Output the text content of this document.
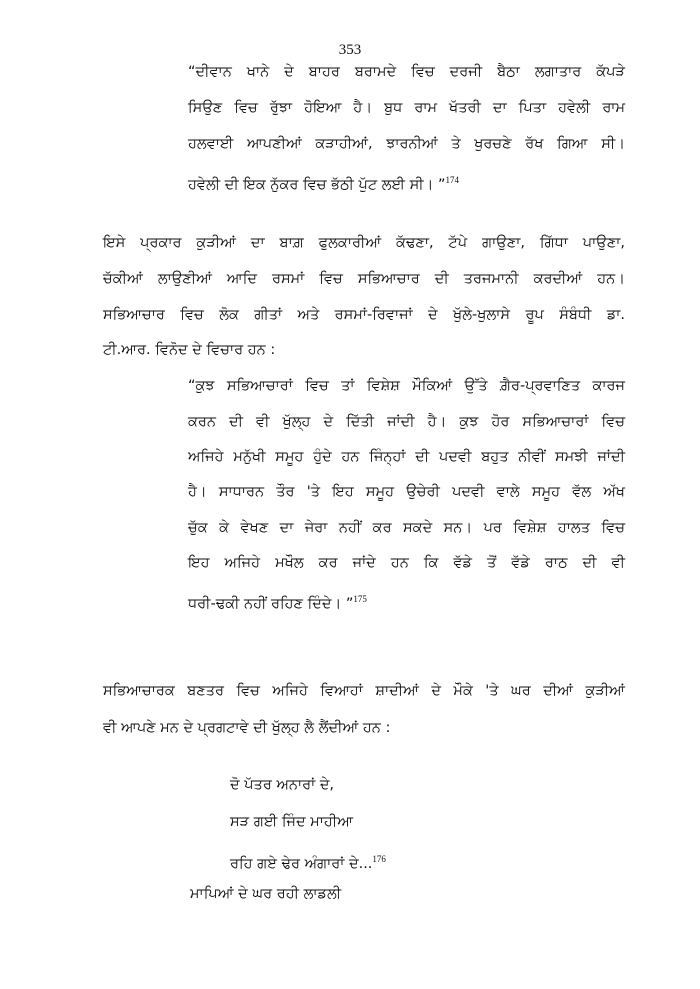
353
“ਦੀਵਾਨ ਖਾਨੇ ਦੇ ਬਾਹਰ ਬਰਾਮਦੇ ਵਿਚ ਦਰਜੀ ਬੈਠਾ ਲਗਾਤਾਰ ਕੱਪੜੇ
ਸਿਉਣ ਵਿਚ ਰੁੱਝਾ ਹੋਇਆ ਹੈ। ਬੁਧ ਰਾਮ ਖੱਤਰੀ ਦਾ ਪਿਤਾ ਹਵੇਲੀ ਰਾਮ
ਹਲਵਾਈ ਆਪਣੀਆਂ ਕੜਾਹੀਆਂ, ਝਾਰਨੀਆਂ ਤੇ ਖੁਰਚਣੇ ਰੱਖ ਗਿਆ ਸੀ।
ਹਵੇਲੀ ਦੀ ਇਕ ਨੁੱਕਰ ਵਿਚ ਭੱਠੀ ਪੁੱਟ ਲਈ ਸੀ। ”$^{174}$
ਇਸੇ ਪ੍ਰਕਾਰ ਕੁੜੀਆਂ ਦਾ ਬਾਗ਼ ਫੁਲਕਾਰੀਆਂ ਕੱਢਣਾ, ਟੱਪੇ ਗਾਉਣਾ, ਗਿੱਧਾ ਪਾਉਣਾ,
ਚੱਕੀਆਂ ਲਾਉਣੀਆਂ ਆਦਿ ਰਸਮਾਂ ਵਿਚ ਸਭਿਆਚਾਰ ਦੀ ਤਰਜਮਾਨੀ ਕਰਦੀਆਂ ਹਨ।
ਸਭਿਆਚਾਰ ਵਿਚ ਲੋਕ ਗੀਤਾਂ ਅਤੇ ਰਸਮਾਂ-ਰਿਵਾਜਾਂ ਦੇ ਖੁੱਲੇ-ਖੁਲਾਸੇ ਰੂਪ ਸੰਬੰਧੀ ਡਾ.
ਟੀ.ਆਰ. ਵਿਨੋਦ ਦੇ ਵਿਚਾਰ ਹਨ :
“ਕੁਝ ਸਭਿਆਚਾਰਾਂ ਵਿਚ ਤਾਂ ਵਿਸ਼ੇਸ਼ ਮੌਕਿਆਂ ਉੱਤੇ ਗ਼ੈਰ-ਪ੍ਰਵਾਣਿਤ ਕਾਰਜ
ਕਰਨ ਦੀ ਵੀ ਖੁੱਲ੍ਹ ਦੇ ਦਿੱਤੀ ਜਾਂਦੀ ਹੈ। ਕੁਝ ਹੋਰ ਸਭਿਆਚਾਰਾਂ ਵਿਚ
ਅਜਿਹੇ ਮਨੁੱਖੀ ਸਮੂਹ ਹੁੰਦੇ ਹਨ ਜਿੰਨ੍ਹਾਂ ਦੀ ਪਦਵੀ ਬਹੁਤ ਨੀਵੀਂ ਸਮਝੀ ਜਾਂਦੀ
ਹੈ। ਸਾਧਾਰਨ ਤੌਰ 'ਤੇ ਇਹ ਸਮੂਹ ਉਚੇਰੀ ਪਦਵੀ ਵਾਲੇ ਸਮੂਹ ਵੱਲ ਅੱਖ
ਚੁੱਕ ਕੇ ਵੇਖਣ ਦਾ ਜੇਰਾ ਨਹੀਂ ਕਰ ਸਕਦੇ ਸਨ। ਪਰ ਵਿਸ਼ੇਸ਼ ਹਾਲਤ ਵਿਚ
ਇਹ ਅਜਿਹੇ ਮਖੌਲ ਕਰ ਜਾਂਦੇ ਹਨ ਕਿ ਵੱਡੇ ਤੋਂ ਵੱਡੇ ਰਾਠ ਦੀ ਵੀ
ਧਰੀ-ਢਕੀ ਨਹੀਂ ਰਹਿਣ ਦਿੰਦੇ। ”$^{175}$
ਸਭਿਆਚਾਰਕ ਬਣਤਰ ਵਿਚ ਅਜਿਹੇ ਵਿਆਹਾਂ ਸ਼ਾਦੀਆਂ ਦੇ ਮੌਕੇ 'ਤੇ ਘਰ ਦੀਆਂ ਕੁੜੀਆਂ
ਵੀ ਆਪਣੇ ਮਨ ਦੇ ਪ੍ਰਗਟਾਵੇ ਦੀ ਖੁੱਲ੍ਹ ਲੈ ਲੈਂਦੀਆਂ ਹਨ :
ਦੋ ਪੱਤਰ ਅਨਾਰਾਂ ਦੇ,
ਸੜ ਗਈ ਜਿੰਦ ਮਾਹੀਆ
ਰਹਿ ਗਏ ਢੇਰ ਅੰਗਾਰਾਂ ਦੇ...$^{176}$
ਮਾਪਿਆਂ ਦੇ ਘਰ ਰਹੀ ਲਾਡਲੀ
